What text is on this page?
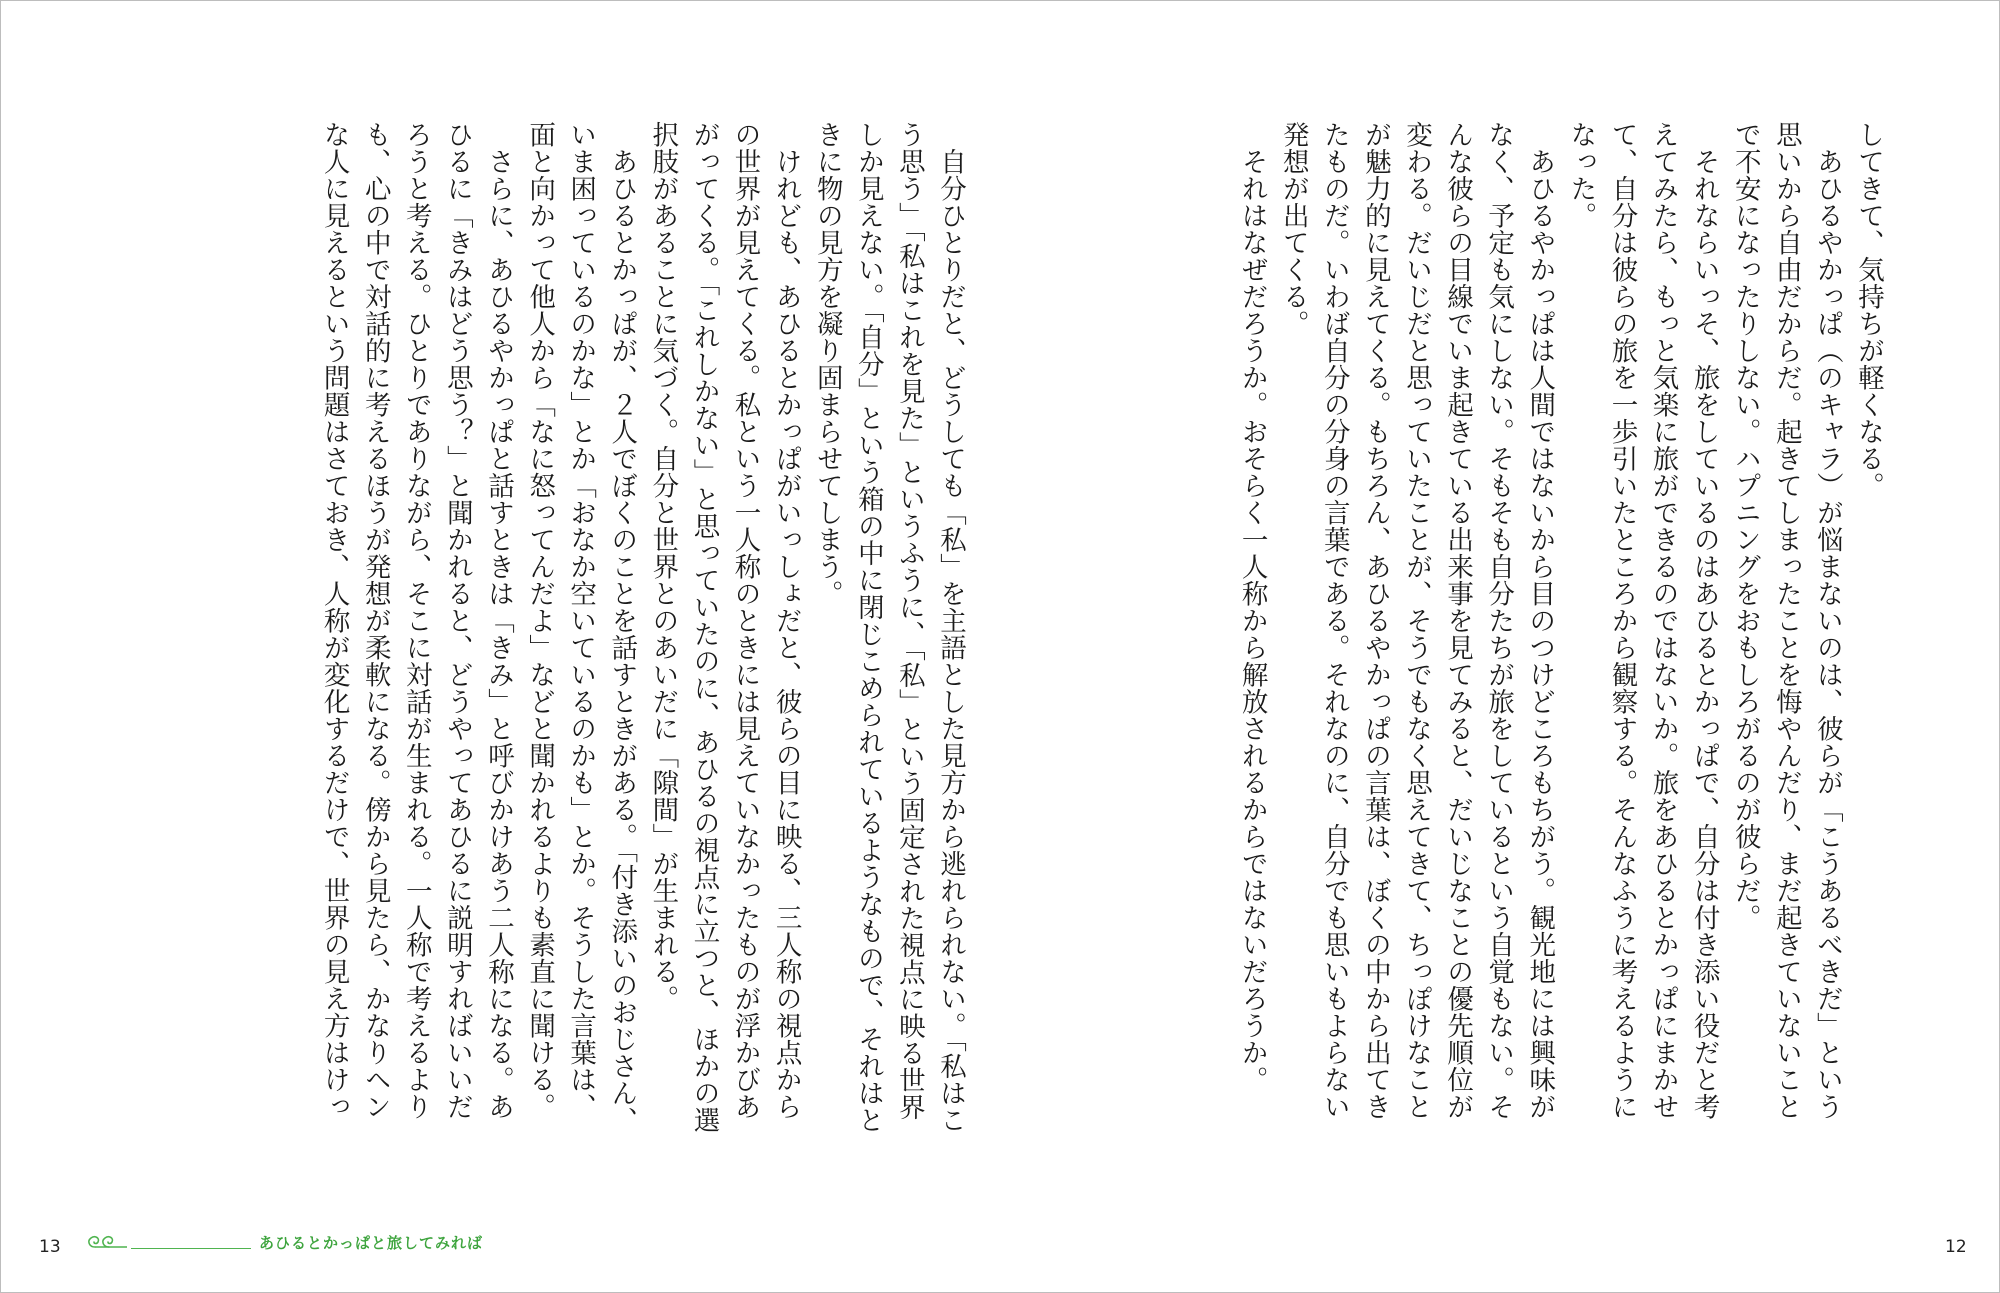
してきて、気持ちが軽くなる。

あひるやかっぱ（のキャラ）が悩まないのは、彼らが「こうあるべきだ」という思いから自由だからだ。起きてしまったことを悔やんだり、まだ起きていないことで不安になったりしない。ハプニングをおもしろがるのが彼らだ。

それならいっそ、旅をしているのはあひるとかっぱで、自分は付き添い役だと考えてみたら、もっと気楽に旅ができるのではないか。旅をあひるとかっぱにまかせて、自分は彼らの旅を一歩引いたところから観察する。そんなふうに考えるようになった。

あひるやかっぱは人間ではないから目のつけどころもちがう。観光地には興味がなく、予定も気にしない。そもそも自分たちが旅をしているという自覚もない。そんな彼らの目線でいま起きている出来事を見てみると、だいじなことの優先順位が変わる。だいじだと思っていたことが、そうでもなく思えてきて、ちっぽけなことが魅力的に見えてくる。もちろん、あひるやかっぱの言葉は、ぼくの中から出てきたものだ。いわば自分の分身の言葉である。それなのに、自分でも思いもよらない発想が出てくる。

それはなぜだろうか。おそらく一人称から解放されるからではないだろうか。

自分ひとりだと、どうしても「私」を主語とした見方から逃れられない。「私はこう思う」「私はこれを見た」というふうに、「私」という固定された視点に映る世界しか見えない。「自分」という箱の中に閉じこめられているようなもので、それはときに物の見方を凝り固まらせてしまう。

けれども、あひるとかっぱがいっしょだと、彼らの目に映る、三人称の視点からの世界が見えてくる。私という一人称のときには見えていなかったものが浮かびあがってくる。「これしかない」と思っていたのに、あひるの視点に立つと、ほかの選択肢があることに気づく。自分と世界とのあいだに「隙間」が生まれる。

あひるとかっぱが、２人でぼくのことを話すときがある。「付き添いのおじさん、いま困っているのかな」とか「おなか空いているのかも」とか。そうした言葉は、面と向かって他人から「なに怒ってんだよ」などと聞かれるよりも素直に聞ける。

さらに、あひるやかっぱと話すときは「きみ」と呼びかけあう二人称になる。あひるに「きみはどう思う？」と聞かれると、どうやってあひるに説明すればいいだろうと考える。ひとりでありながら、そこに対話が生まれる。一人称で考えるよりも、心の中で対話的に考えるほうが発想が柔軟になる。傍から見たら、かなりヘンな人に見えるという問題はさておき、人称が変化するだけで、世界の見え方はけっ

13	あひるとかっぱと旅してみれば	12
